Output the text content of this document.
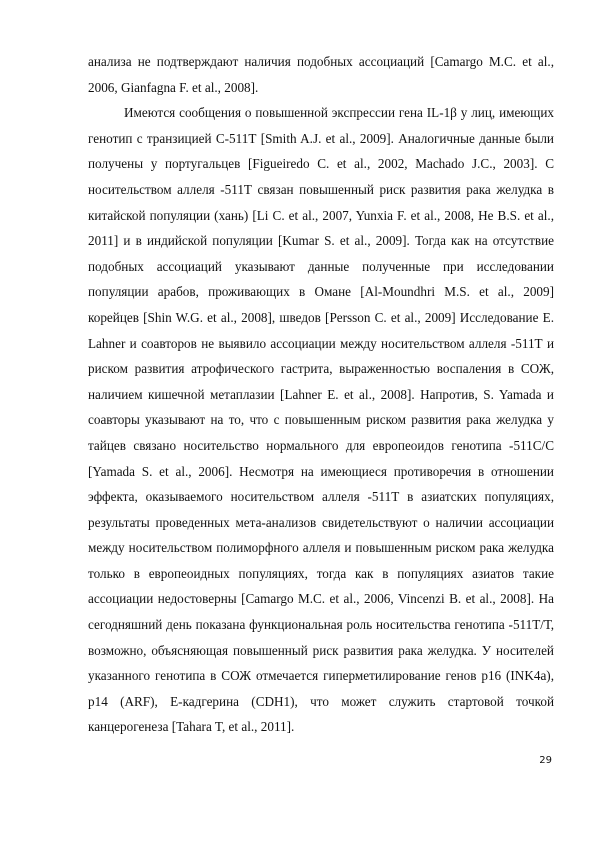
анализа не подтверждают наличия подобных ассоциаций [Camargo M.C. et al., 2006, Gianfagna F. et al., 2008].

Имеются сообщения о повышенной экспрессии гена IL-1β у лиц, имеющих генотип с транзицией С-511Т [Smith A.J. et al., 2009]. Аналогичные данные были получены у португальцев [Figueiredo C. et al., 2002, Machado J.C., 2003]. С носительством аллеля -511Т связан повышенный риск развития рака желудка в китайской популяции (хань) [Li C. et al., 2007, Yunxia F. et al., 2008, He B.S. et al., 2011] и в индийской популяции [Kumar S. et al., 2009]. Тогда как на отсутствие подобных ассоциаций указывают данные полученные при исследовании популяции арабов, проживающих в Омане [Al-Moundhri M.S. et al., 2009] корейцев [Shin W.G. et al., 2008], шведов [Persson C. et al., 2009] Исследование E. Lahner и соавторов не выявило ассоциации между носительством аллеля -511Т и риском развития атрофического гастрита, выраженностью воспаления в СОЖ, наличием кишечной метаплазии [Lahner E. et al., 2008]. Напротив, S. Yamada и соавторы указывают на то, что с повышенным риском развития рака желудка у тайцев связано носительство нормального для европеоидов генотипа -511С/С [Yamada S. et al., 2006]. Несмотря на имеющиеся противоречия в отношении эффекта, оказываемого носительством аллеля -511Т в азиатских популяциях, результаты проведенных мета-анализов свидетельствуют о наличии ассоциации между носительством полиморфного аллеля и повышенным риском рака желудка только в европеоидных популяциях, тогда как в популяциях азиатов такие ассоциации недостоверны [Camargo M.C. et al., 2006, Vincenzi B. et al., 2008]. На сегодняшний день показана функциональная роль носительства генотипа -511Т/Т, возможно, объясняющая повышенный риск развития рака желудка. У носителей указанного генотипа в СОЖ отмечается гиперметилирование генов p16 (INK4a), p14 (ARF), Е-кадгерина (CDH1), что может служить стартовой точкой канцерогенеза [Tahara T, et al., 2011].

29
